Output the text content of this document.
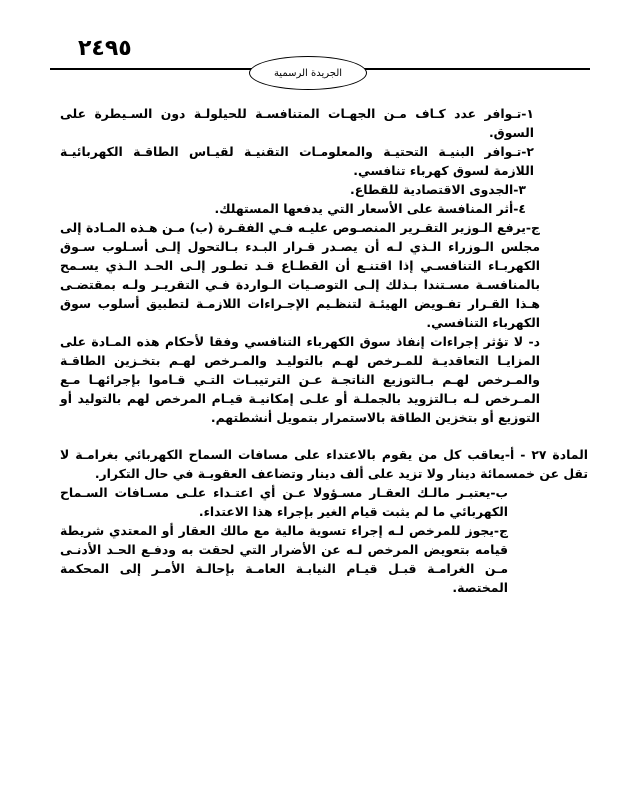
٢٤٩٥
الجريدة الرسمية

١-تـوافر عدد كـاف مـن الجهـات المتنافسـة للحيلولـة دون السـيطرة على السوق.

٢-تـوافر البنيـة التحتيـة والمعلومـات التقنيـة لقيـاس الطاقـة الكهربائيـة اللازمة لسوق كهرباء تنافسي.

٣-الجدوى الاقتصادية للقطاع.

٤-أثر المنافسة على الأسعار التي يدفعها المستهلك.

ج-يرفع الـوزير التقـرير المنصـوص عليـه فـي الفقـرة (ب) مـن هـذه المـادة إلى مجلس الـوزراء الـذي لـه أن يصـدر قـرار البـدء بـالتحول إلـى أسـلوب سـوق الكهربـاء التنافسـي إذا اقتنـع أن القطـاع قـد تطـور إلـى الحـد الـذي يسـمح بالمنافسـة مسـتندا بـذلك إلـى التوصـيات الـواردة فـي التقريـر ولـه بمقتضـى هـذا القـرار تفـويض الهيئـة لتنظـيم الإجـراءات اللازمـة لتطبيق أسلوب سوق الكهرباء التنافسي.

د- لا تؤثر إجراءات إنفاذ سوق الكهرباء التنافسي وفقا لأحكام هذه المـادة على المزايـا التعاقديـة للمـرخص لهـم بالتوليـد والمـرخص لهـم بتخـزين الطاقـة والمـرخص لهـم بـالتوزيع الناتجـة عـن الترتيبـات التـي قـاموا بإجرائهـا مـع المـرخص لـه بـالتزويد بالجملـة أو علـى إمكانيـة قيـام المرخص لهم بالتوليد أو التوزيع أو بتخزين الطاقة بالاستمرار بتمويل أنشطتهم.

المادة ٢٧ - أ-يعاقب كل من يقوم بالاعتداء على مسافات السماح الكهربائي بغرامـة لا تقل عن خمسمائة دينار ولا تزيد على ألف دينار وتضاعف العقوبـة في حال التكرار.

ب-يعتبـر مالـك العقـار مسـؤولا عـن أي اعتـداء علـى مسـافات السـماح الكهربائي ما لم يثبت قيام الغير بإجراء هذا الاعتداء.

ج-يجوز للمرخص لـه إجراء تسوية مالية مع مالك العقار أو المعتدي شريطة قيامه بتعويض المرخص لـه عن الأضرار التي لحقت به ودفـع الحـد الأدنـى مـن الغرامـة قبـل قيـام النيابـة العامـة بإحالـة الأمـر إلى المحكمة المختصة.
